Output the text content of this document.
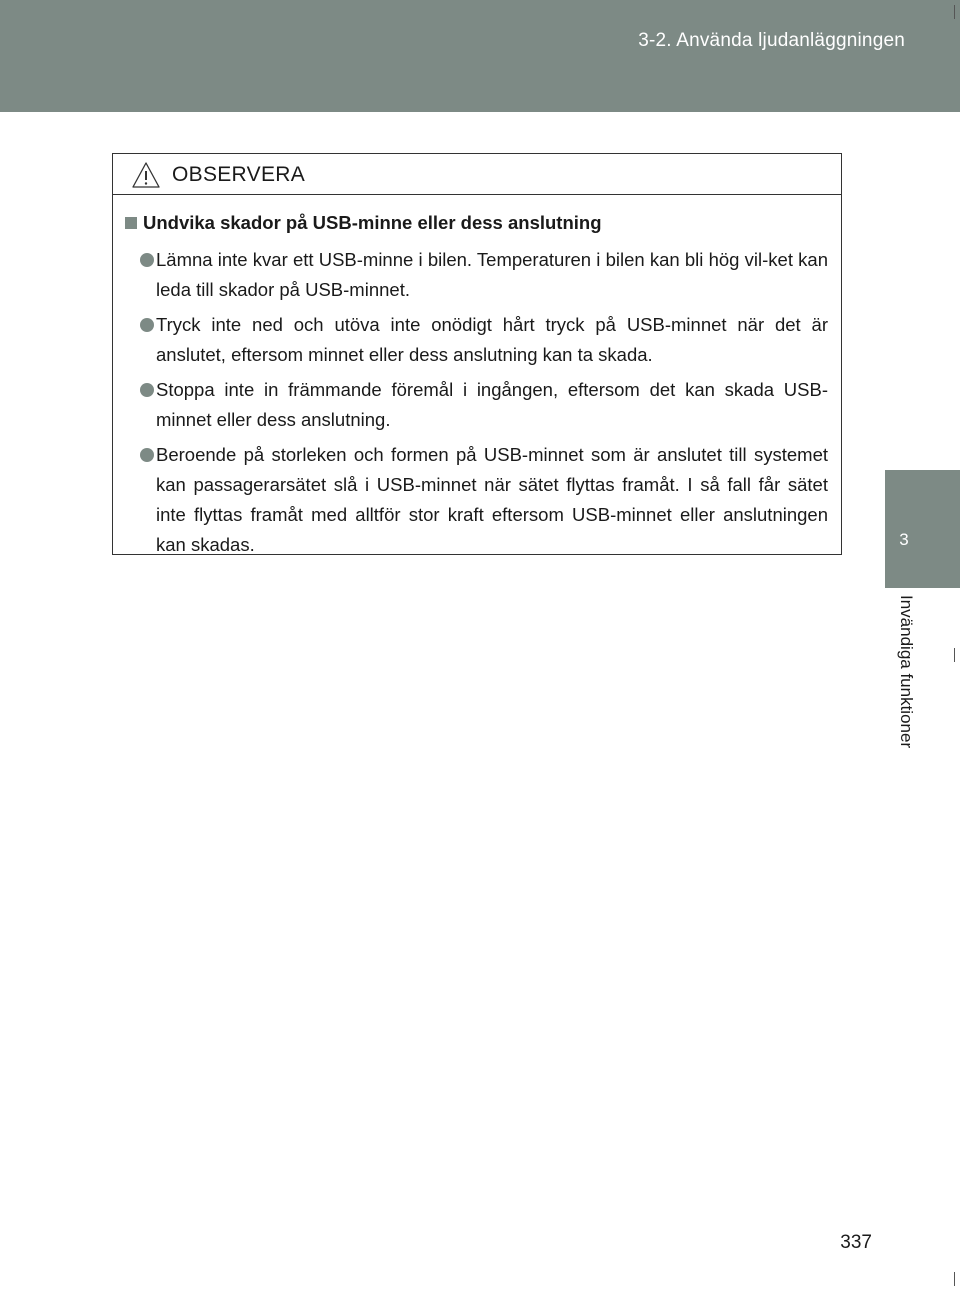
3-2. Använda ljudanläggningen
3
Invändiga funktioner
OBSERVERA
Undvika skador på USB-minne eller dess anslutning
Lämna inte kvar ett USB-minne i bilen. Temperaturen i bilen kan bli hög vil-ket kan leda till skador på USB-minnet.
Tryck inte ned och utöva inte onödigt hårt tryck på USB-minnet när det är anslutet, eftersom minnet eller dess anslutning kan ta skada.
Stoppa inte in främmande föremål i ingången, eftersom det kan skada USB-minnet eller dess anslutning.
Beroende på storleken och formen på USB-minnet som är anslutet till systemet kan passagerarsätet slå i USB-minnet när sätet flyttas framåt. I så fall får sätet inte flyttas framåt med alltför stor kraft eftersom USB-minnet eller anslutningen kan skadas.
337
